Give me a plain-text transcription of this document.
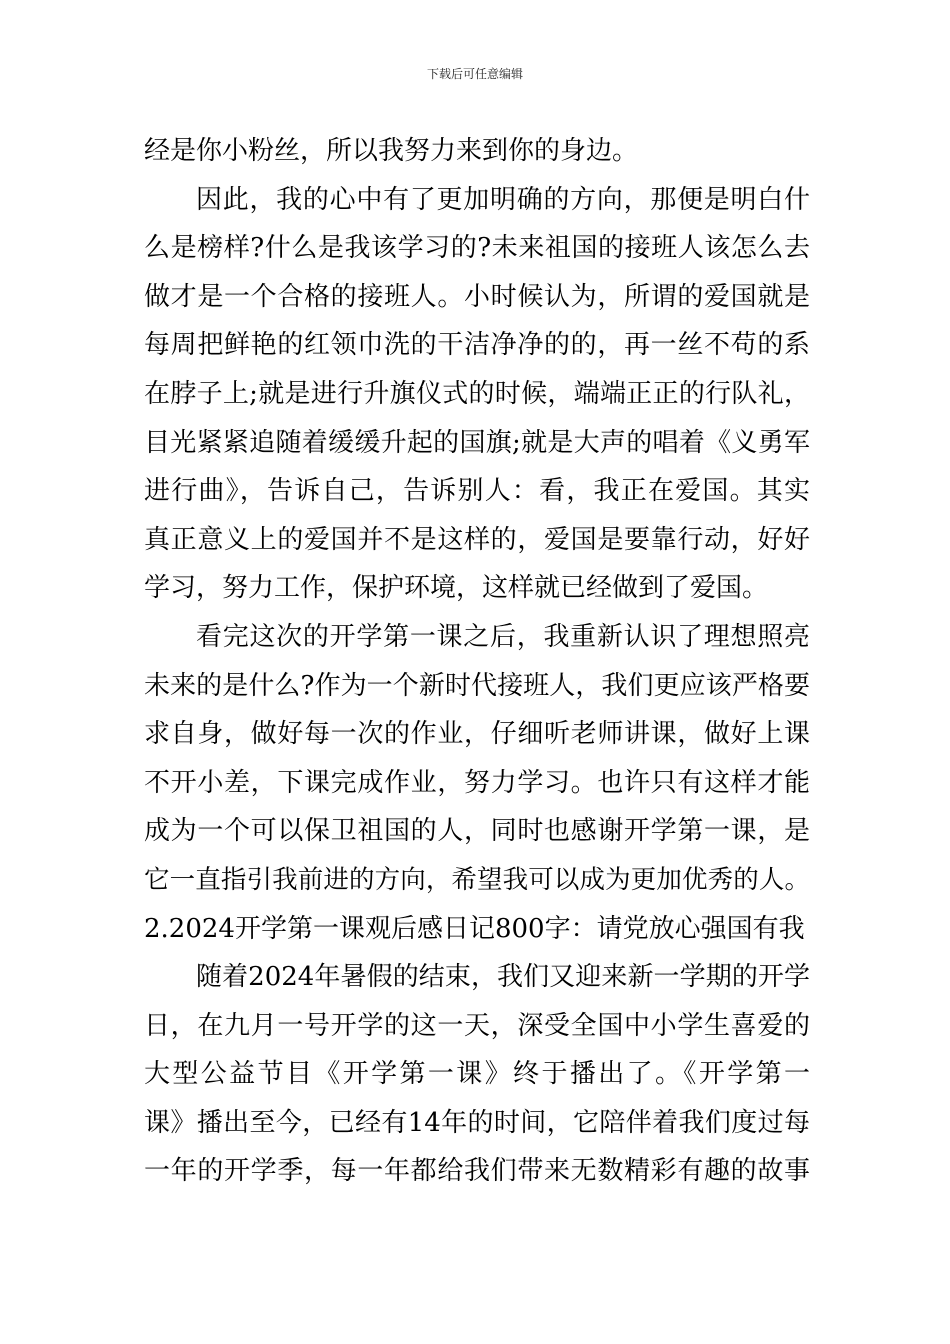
下载后可任意编辑
经是你小粉丝，所以我努力来到你的身边。
因此，我的心中有了更加明确的方向，那便是明白什
么是榜样?什么是我该学习的?未来祖国的接班人该怎么去
做才是一个合格的接班人。小时候认为，所谓的爱国就是
每周把鲜艳的红领巾洗的干洁净净的的，再一丝不苟的系
在脖子上;就是进行升旗仪式的时候，端端正正的行队礼，
目光紧紧追随着缓缓升起的国旗;就是大声的唱着《义勇军
进行曲》，告诉自己，告诉别人：看，我正在爱国。其实
真正意义上的爱国并不是这样的，爱国是要靠行动，好好
学习，努力工作，保护环境，这样就已经做到了爱国。
看完这次的开学第一课之后，我重新认识了理想照亮
未来的是什么?作为一个新时代接班人，我们更应该严格要
求自身，做好每一次的作业，仔细听老师讲课，做好上课
不开小差，下课完成作业，努力学习。也许只有这样才能
成为一个可以保卫祖国的人，同时也感谢开学第一课，是
它一直指引我前进的方向，希望我可以成为更加优秀的人。
2.2024开学第一课观后感日记800字：请党放心强国有我
随着2024年暑假的结束，我们又迎来新一学期的开学
日，在九月一号开学的这一天，深受全国中小学生喜爱的
大型公益节目《开学第一课》终于播出了。《开学第一
课》播出至今，已经有14年的时间，它陪伴着我们度过每
一年的开学季，每一年都给我们带来无数精彩有趣的故事
